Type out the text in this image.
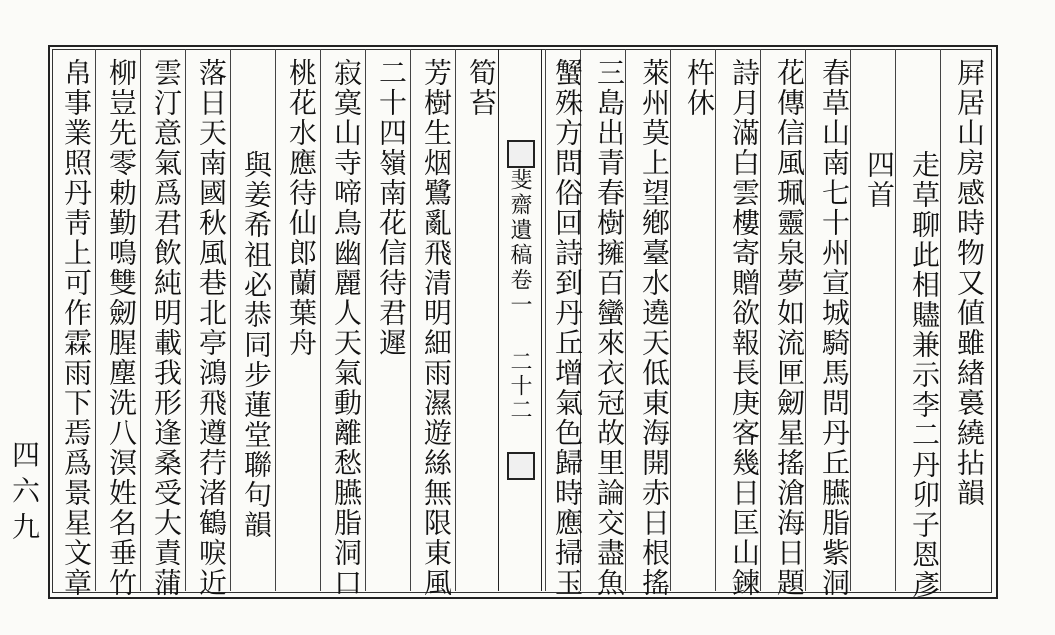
斐齋遺稿卷一
二十二	屛居山房感時物又値雖緖裛繞拈韻
走草聊此相贐兼示李二丹卯子恩彥
四首
春草山南七十州宣城騎馬問丹丘臙脂紫洞
花傳信風珮靈泉夢如流匣劒星搖滄海日題
詩月滿白雲樓寄贈欲報長庚客幾日匡山鍊
杵休
萊州莫上望鄕臺水遶天低東海開赤日根搖
三島出青春樹擁百蠻來衣冠故里論交盡魚
蟹殊方問俗回詩到丹丘增氣色歸時應掃玉
筍苔
芳樹生烟鷺亂飛清明細雨濕遊絲無限東風
二十四嶺南花信待君遲
寂寞山寺啼鳥幽麗人天氣動離愁臙脂洞口
桃花水應待仙郎蘭葉舟
與姜希祖必恭同步蓮堂聯句韻
落日天南國秋風巷北亭鴻飛遵荇渚鶴唳近
雲汀意氣爲君飲純明載我形逢桑受大責蒲
柳豈先零勅勤鳴雙劒腥塵洗八溟姓名垂竹
帛事業照丹靑上可作霖雨下焉爲景星文章
四六九
